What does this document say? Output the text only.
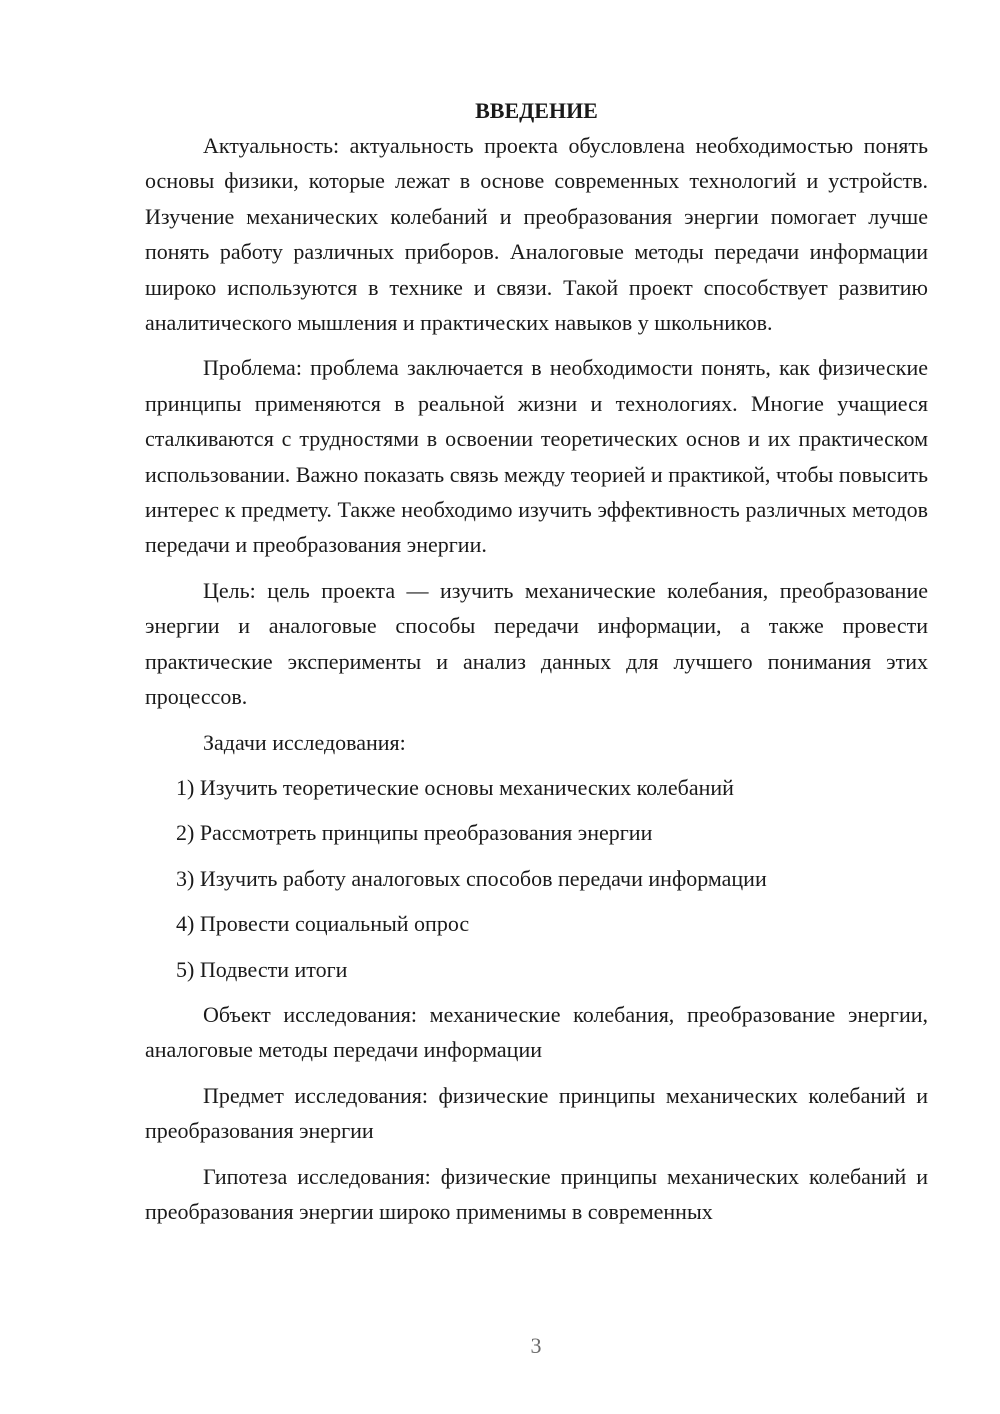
ВВЕДЕНИЕ

Актуальность: актуальность проекта обусловлена необходимостью понять основы физики, которые лежат в основе современных технологий и устройств. Изучение механических колебаний и преобразования энергии помогает лучше понять работу различных приборов. Аналоговые методы передачи информации широко используются в технике и связи. Такой проект способствует развитию аналитического мышления и практических навыков у школьников.

Проблема: проблема заключается в необходимости понять, как физические принципы применяются в реальной жизни и технологиях. Многие учащиеся сталкиваются с трудностями в освоении теоретических основ и их практическом использовании. Важно показать связь между теорией и практикой, чтобы повысить интерес к предмету. Также необходимо изучить эффективность различных методов передачи и преобразования энергии.

Цель: цель проекта — изучить механические колебания, преобразование энергии и аналоговые способы передачи информации, а также провести практические эксперименты и анализ данных для лучшего понимания этих процессов.

Задачи исследования:

1) Изучить теоретические основы механических колебаний

2) Рассмотреть принципы преобразования энергии

3) Изучить работу аналоговых способов передачи информации

4) Провести социальный опрос

5) Подвести итоги

Объект исследования: механические колебания, преобразование энергии, аналоговые методы передачи информации

Предмет исследования: физические принципы механических колебаний и преобразования энергии

Гипотеза исследования: физические принципы механических колебаний и преобразования энергии широко применимы в современных

3
